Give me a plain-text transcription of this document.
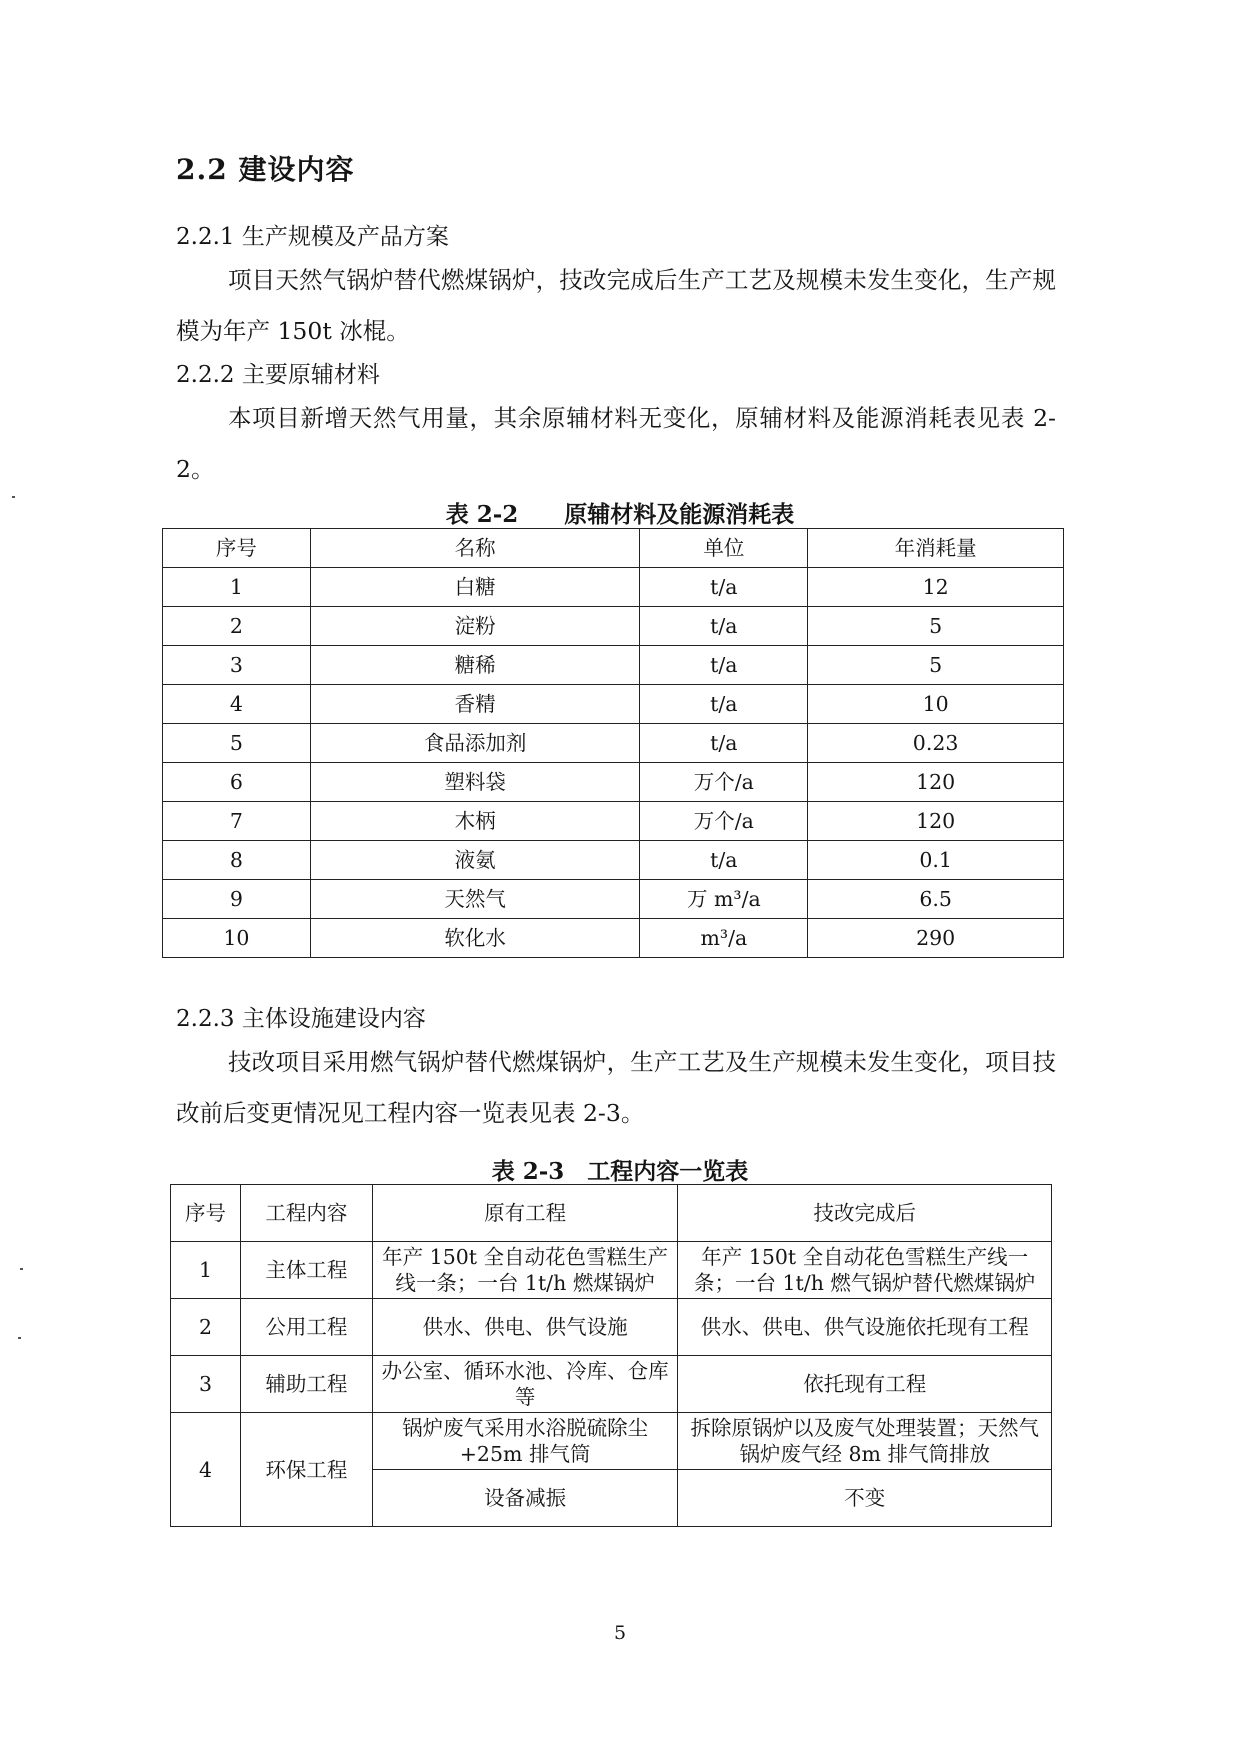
2.2 建设内容
2.2.1 生产规模及产品方案
项目天然气锅炉替代燃煤锅炉，技改完成后生产工艺及规模未发生变化，生产规模为年产 150t 冰棍。
2.2.2 主要原辅材料
本项目新增天然气用量，其余原辅材料无变化，原辅材料及能源消耗表见表 2-2。
表 2-2　　原辅材料及能源消耗表
序号	名称	单位	年消耗量
1	白糖	t/a	12
2	淀粉	t/a	5
3	糖稀	t/a	5
4	香精	t/a	10
5	食品添加剂	t/a	0.23
6	塑料袋	万个/a	120
7	木柄	万个/a	120
8	液氨	t/a	0.1
9	天然气	万 m³/a	6.5
10	软化水	m³/a	290
2.2.3 主体设施建设内容
技改项目采用燃气锅炉替代燃煤锅炉，生产工艺及生产规模未发生变化，项目技改前后变更情况见工程内容一览表见表 2-3。
表 2-3　工程内容一览表
序号	工程内容	原有工程	技改完成后
1	主体工程	年产 150t 全自动花色雪糕生产线一条；一台 1t/h 燃煤锅炉	年产 150t 全自动花色雪糕生产线一条；一台 1t/h 燃气锅炉替代燃煤锅炉
2	公用工程	供水、供电、供气设施	供水、供电、供气设施依托现有工程
3	辅助工程	办公室、循环水池、冷库、仓库等	依托现有工程
4	环保工程	锅炉废气采用水浴脱硫除尘+25m 排气筒	拆除原锅炉以及废气处理装置；天然气锅炉废气经 8m 排气筒排放
		设备减振	不变
5
